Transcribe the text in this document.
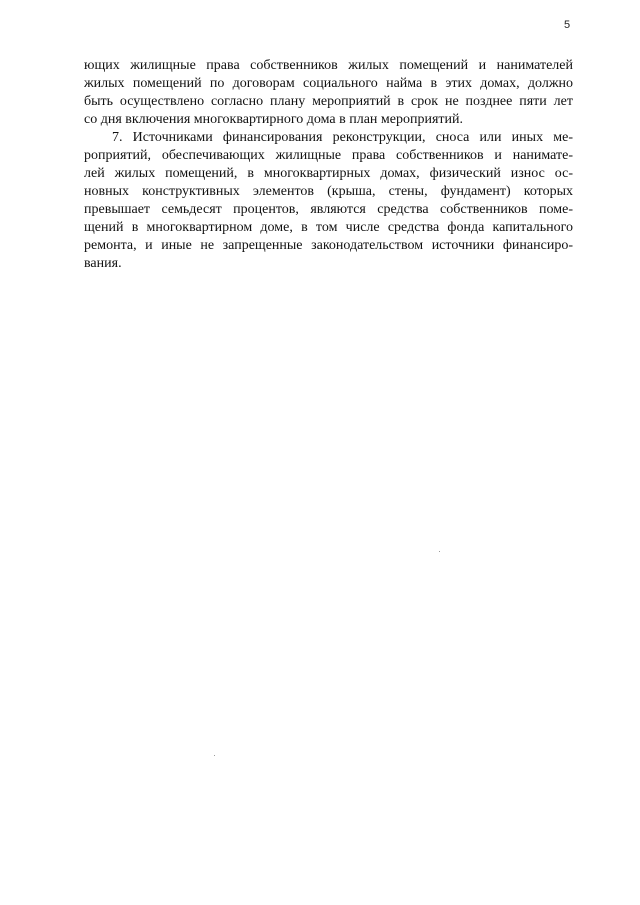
5
ющих жилищные права собственников жилых помещений и нанимателей
жилых помещений по договорам социального найма в этих домах, должно
быть осуществлено согласно плану мероприятий в срок не позднее пяти лет
со дня включения многоквартирного дома в план мероприятий.
7. Источниками финансирования реконструкции, сноса или иных ме-
роприятий, обеспечивающих жилищные права собственников и нанимате-
лей жилых помещений, в многоквартирных домах, физический износ ос-
новных конструктивных элементов (крыша, стены, фундамент) которых
превышает семьдесят процентов, являются средства собственников поме-
щений в многоквартирном доме, в том числе средства фонда капитального
ремонта, и иные не запрещенные законодательством источники финансиро-
вания.
